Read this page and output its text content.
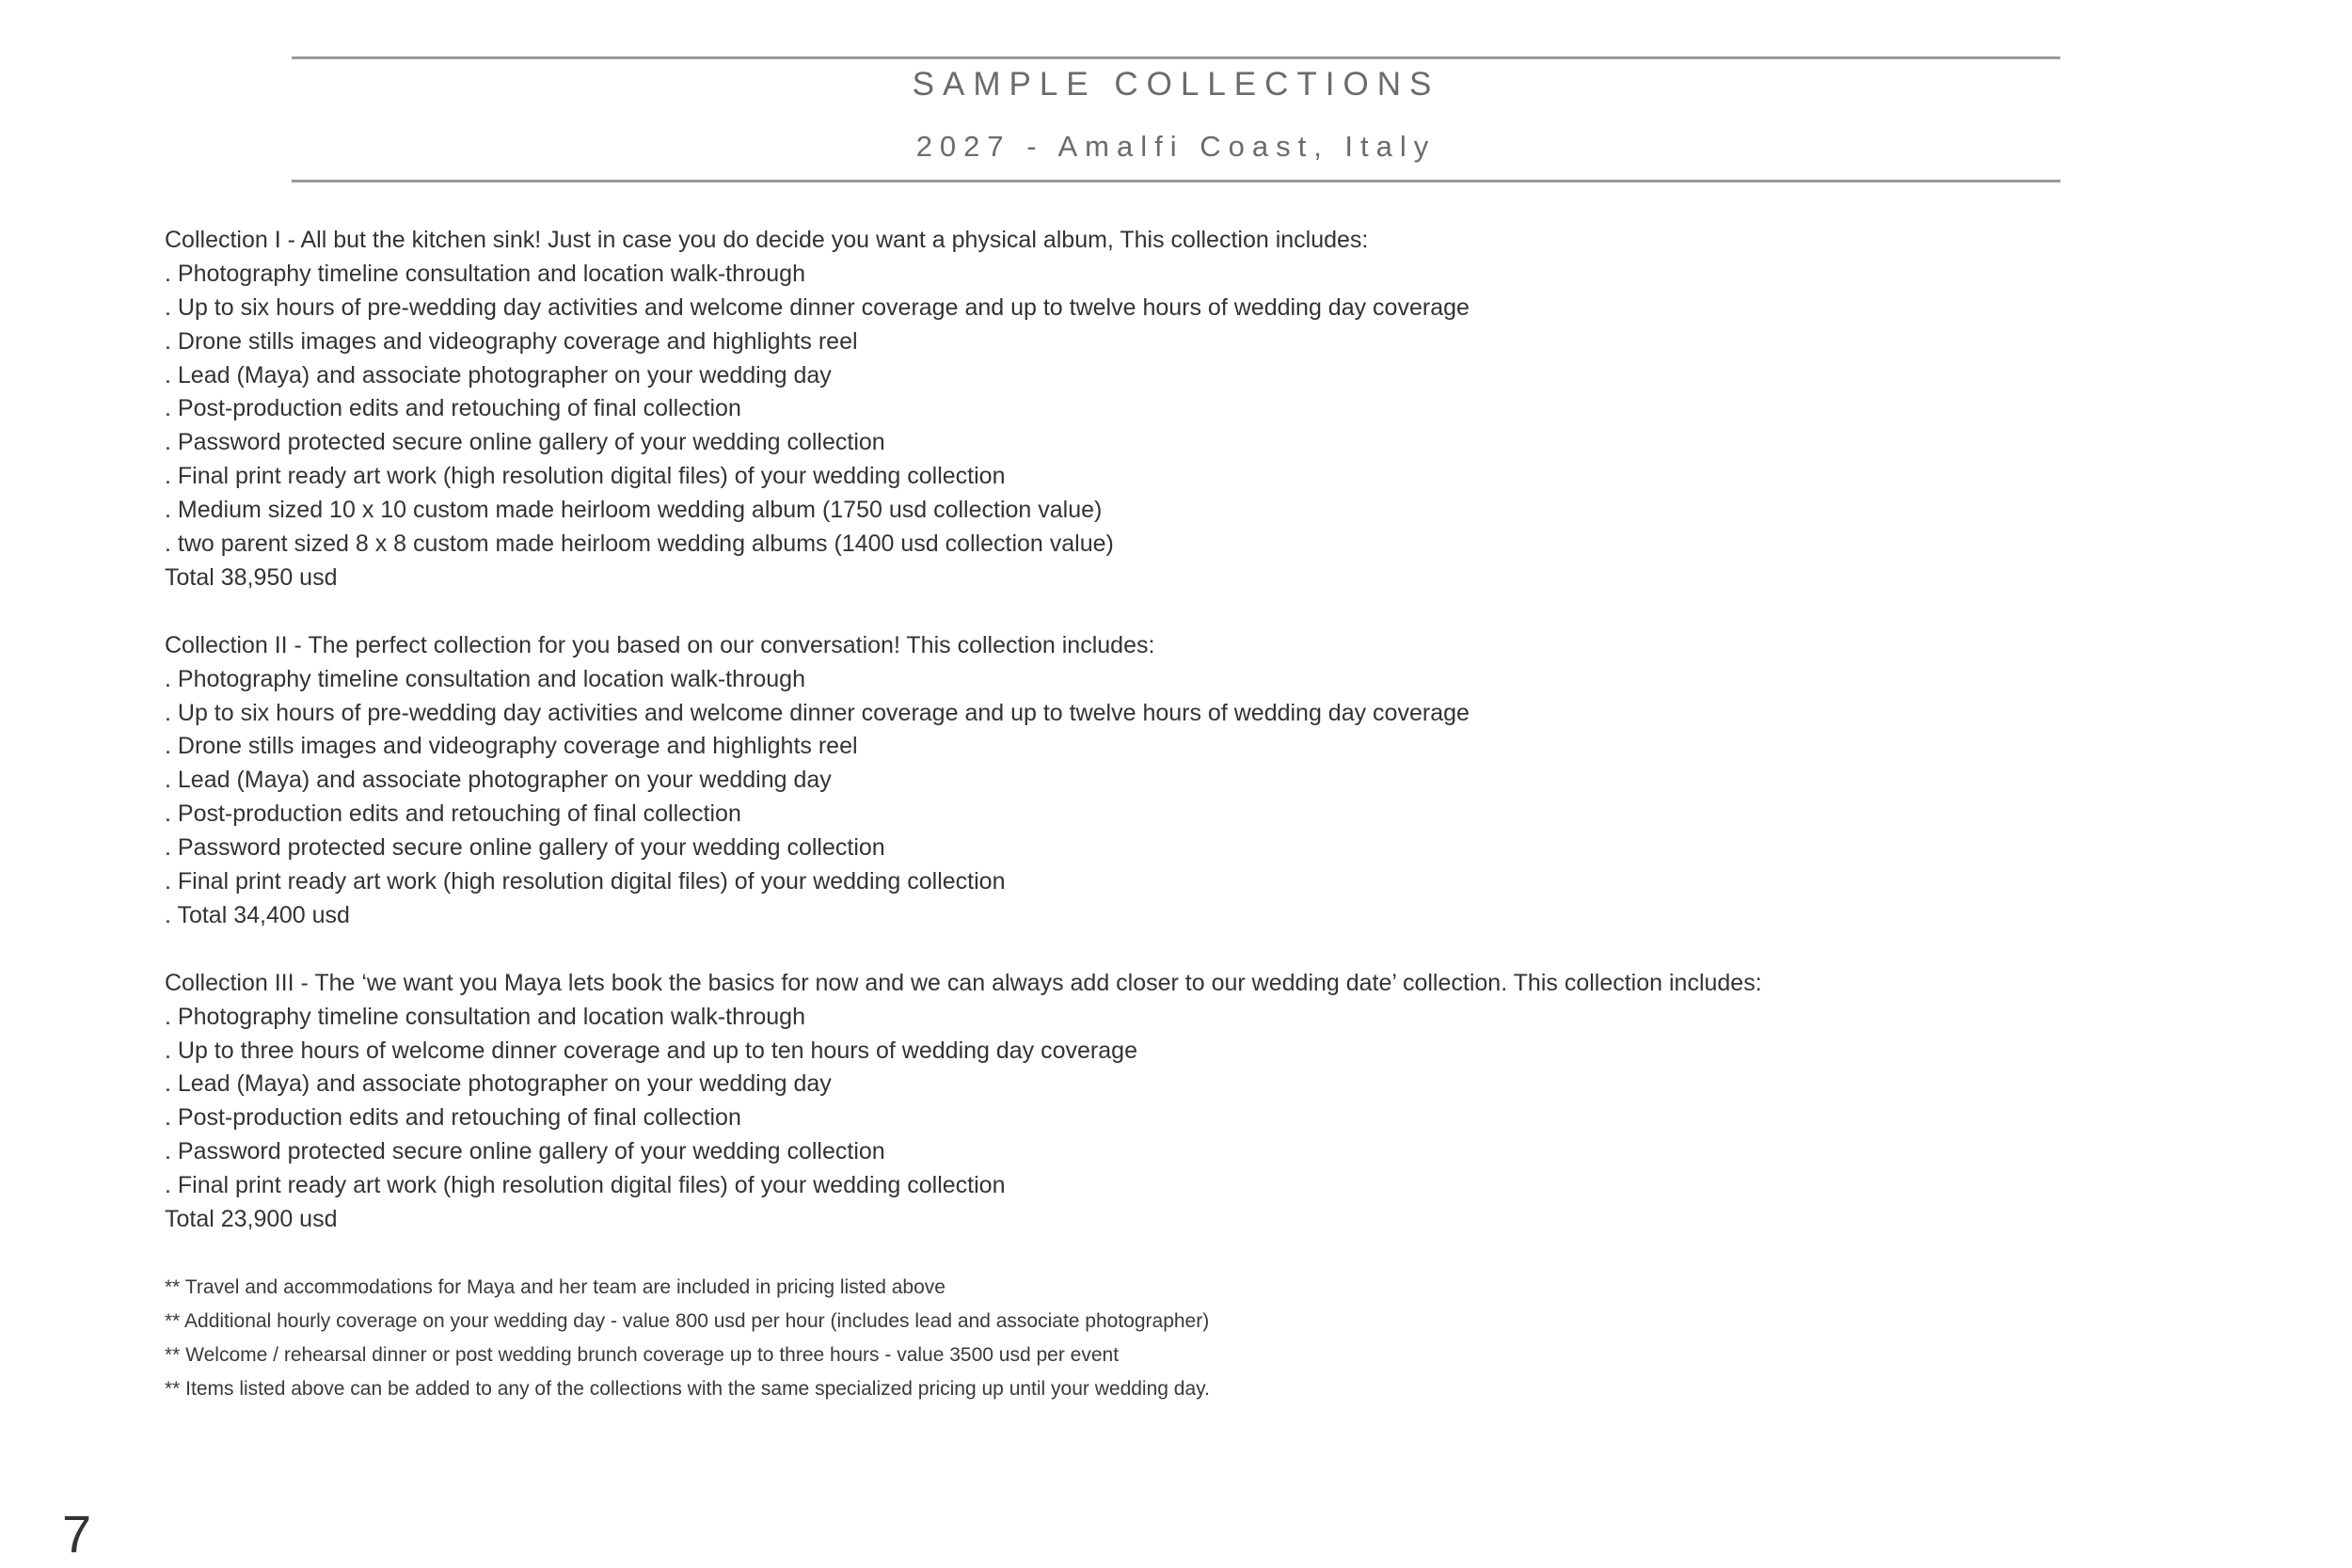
SAMPLE COLLECTIONS
2027 - Amalfi Coast, Italy
Collection I - All but the kitchen sink! Just in case you do decide you want a physical album, This collection includes:
. Photography timeline consultation and location walk-through
. Up to six hours of pre-wedding day activities and welcome dinner coverage and up to twelve hours of wedding day coverage
. Drone stills images and videography coverage and highlights reel
. Lead (Maya) and associate photographer on your wedding day
. Post-production edits and retouching of final collection
. Password protected secure online gallery of your wedding collection
. Final print ready art work (high resolution digital files) of your wedding collection
. Medium sized 10 x 10 custom made heirloom wedding album (1750 usd collection value)
. two parent sized 8 x 8 custom made heirloom wedding albums (1400 usd collection value)
Total 38,950 usd
Collection II - The perfect collection for you based on our conversation! This collection includes:
. Photography timeline consultation and location walk-through
. Up to six hours of pre-wedding day activities and welcome dinner coverage and up to twelve hours of wedding day coverage
. Drone stills images and videography coverage and highlights reel
. Lead (Maya) and associate photographer on your wedding day
. Post-production edits and retouching of final collection
. Password protected secure online gallery of your wedding collection
. Final print ready art work (high resolution digital files) of your wedding collection
. Total 34,400 usd
Collection III - The ‘we want you Maya lets book the basics for now and we can always add closer to our wedding date’ collection. This collection includes:
. Photography timeline consultation and location walk-through
. Up to three hours of welcome dinner coverage and up to ten hours of wedding day coverage
. Lead (Maya) and associate photographer on your wedding day
. Post-production edits and retouching of final collection
. Password protected secure online gallery of your wedding collection
. Final print ready art work (high resolution digital files) of your wedding collection
Total 23,900 usd
** Travel and accommodations for Maya and her team are included in pricing listed above
** Additional hourly coverage on your wedding day - value 800 usd per hour (includes lead and associate photographer)
** Welcome / rehearsal dinner or post wedding brunch coverage up to three hours - value 3500 usd per event
** Items listed above can be added to any of the collections with the same specialized pricing up until your wedding day.
7
